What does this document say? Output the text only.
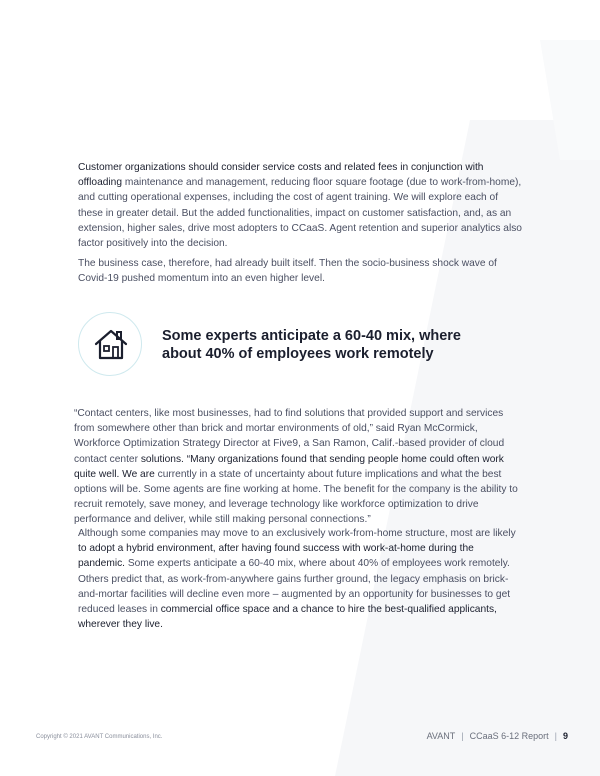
Customer organizations should consider service costs and related fees in conjunction with offloading maintenance and management, reducing floor square footage (due to work-from-home), and cutting operational expenses, including the cost of agent training. We will explore each of these in greater detail. But the added functionalities, impact on customer satisfaction, and, as an extension, higher sales, drive most adopters to CCaaS. Agent retention and superior analytics also factor positively into the decision.

The business case, therefore, had already built itself. Then the socio-business shock wave of Covid-19 pushed momentum into an even higher level.

Some experts anticipate a 60-40 mix, where about 40% of employees work remotely

“Contact centers, like most businesses, had to find solutions that provided support and services from somewhere other than brick and mortar environments of old,” said Ryan McCormick, Workforce Optimization Strategy Director at Five9, a San Ramon, Calif.-based provider of cloud contact center solutions. “Many organizations found that sending people home could often work quite well. We are currently in a state of uncertainty about future implications and what the best options will be. Some agents are fine working at home. The benefit for the company is the ability to recruit remotely, save money, and leverage technology like workforce optimization to drive performance and deliver, while still making personal connections.”

Although some companies may move to an exclusively work-from-home structure, most are likely to adopt a hybrid environment, after having found success with work-at-home during the pandemic. Some experts anticipate a 60-40 mix, where about 40% of employees work remotely. Others predict that, as work-from-anywhere gains further ground, the legacy emphasis on brick-and-mortar facilities will decline even more – augmented by an opportunity for businesses to get reduced leases in commercial office space and a chance to hire the best-qualified applicants, wherever they live.

Copyright © 2021 AVANT Communications, Inc.	AVANT | CCaaS 6-12 Report | 9
